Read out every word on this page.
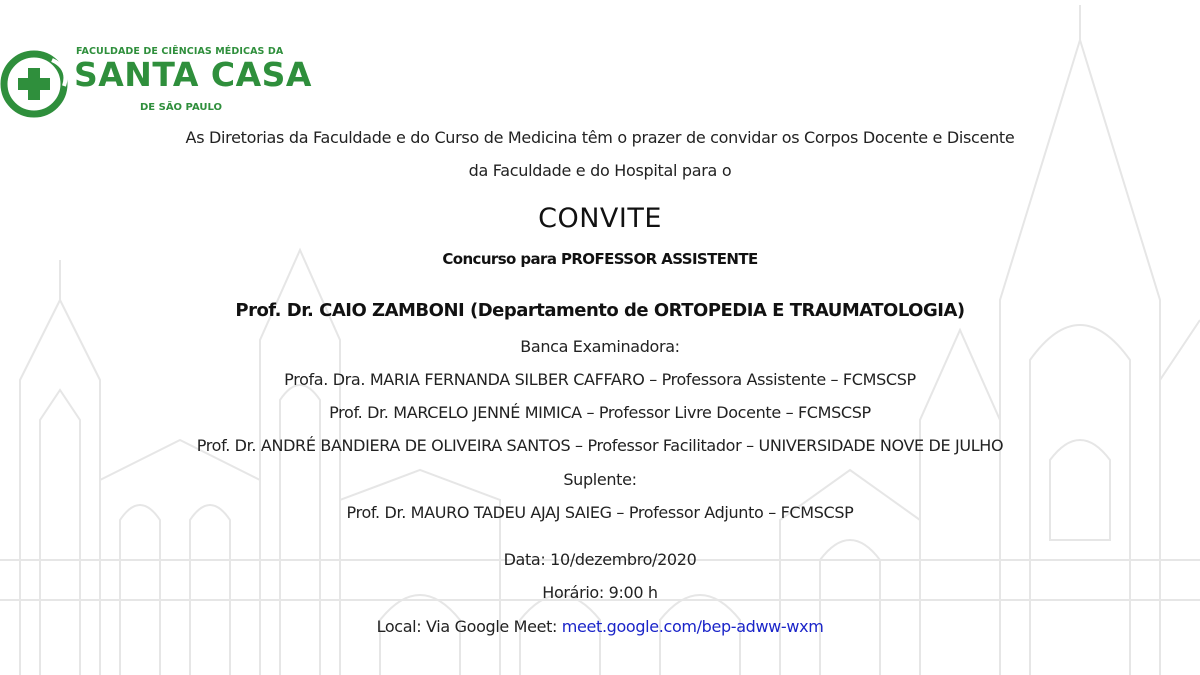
FACULDADE DE CIÊNCIAS MÉDICAS DA
SANTA CASA
DE SÃO PAULO
As Diretorias da Faculdade e do Curso de Medicina têm o prazer de convidar os Corpos Docente e Discente
da Faculdade e do Hospital para o
CONVITE
Concurso para PROFESSOR ASSISTENTE
Prof. Dr. CAIO ZAMBONI (Departamento de ORTOPEDIA E TRAUMATOLOGIA)
Banca Examinadora:
Profa. Dra. MARIA FERNANDA SILBER CAFFARO – Professora Assistente – FCMSCSP
Prof. Dr. MARCELO JENNÉ MIMICA – Professor Livre Docente – FCMSCSP
Prof. Dr. ANDRÉ BANDIERA DE OLIVEIRA SANTOS – Professor Facilitador – UNIVERSIDADE NOVE DE JULHO
Suplente:
Prof. Dr. MAURO TADEU AJAJ SAIEG – Professor Adjunto – FCMSCSP
Data: 10/dezembro/2020
Horário: 9:00 h
Local: Via Google Meet: meet.google.com/bep-adww-wxm
